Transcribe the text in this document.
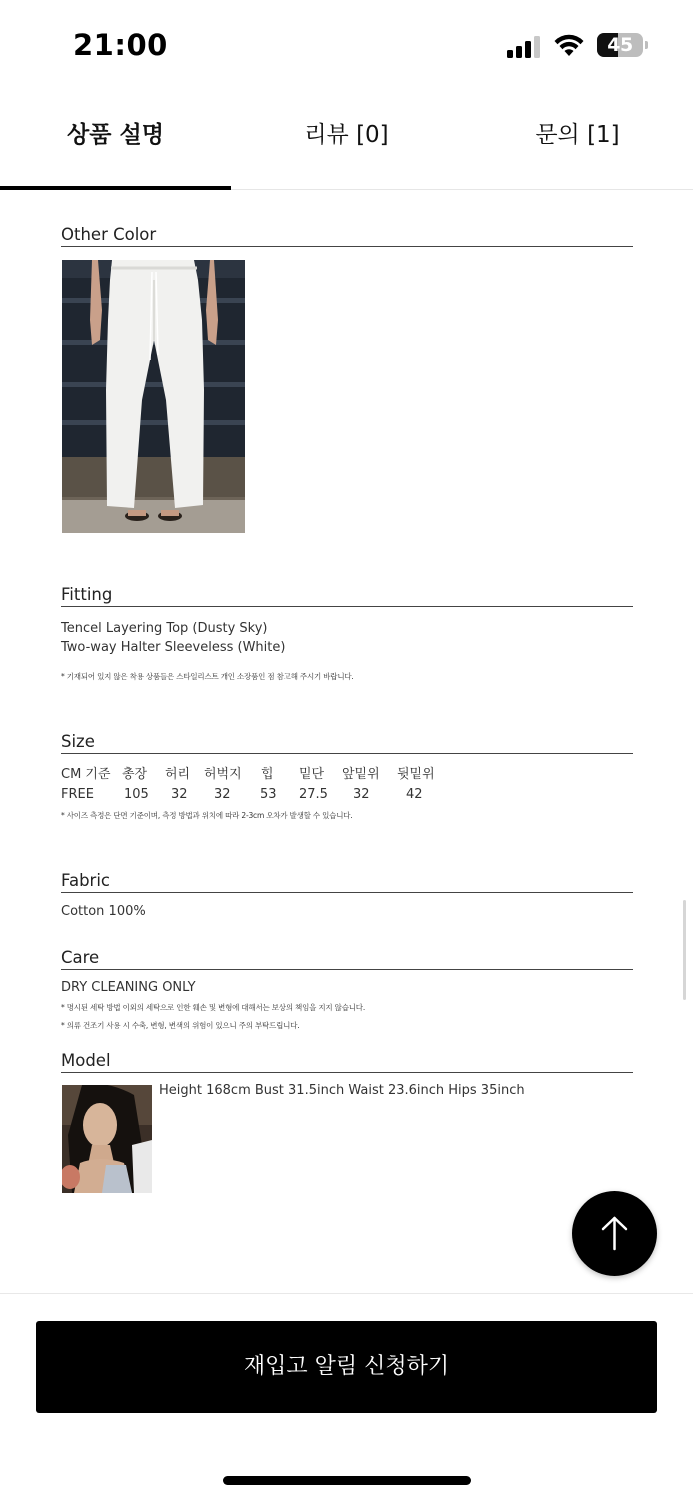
21:00	45
상품 설명	리뷰 [0]	문의 [1]
Other Color
Fitting
Tencel Layering Top (Dusty Sky)
Two-way Halter Sleeveless (White)
* 기재되어 있지 않은 착용 상품들은 스타일리스트 개인 소장품인 점 참고해 주시기 바랍니다.
Size
CM 기준 총장 허리 허벅지 힙 밑단 앞밑위 뒷밑위
FREE 105 32 32 53 27.5 32	42
* 사이즈 측정은 단면 기준이며, 측정 방법과 위치에 따라 2-3cm 오차가 발생할 수 있습니다.
Fabric
Cotton 100%
Care
DRY CLEANING ONLY
* 명시된 세탁 방법 이외의 세탁으로 인한 훼손 및 변형에 대해서는 보상의 책임을 지지 않습니다.
* 의류 건조기 사용 시 수축, 변형, 변색의 위험이 있으니 주의 부탁드립니다.
Model
Height 168cm Bust 31.5inch Waist 23.6inch Hips 35inch
재입고 알림 신청하기
